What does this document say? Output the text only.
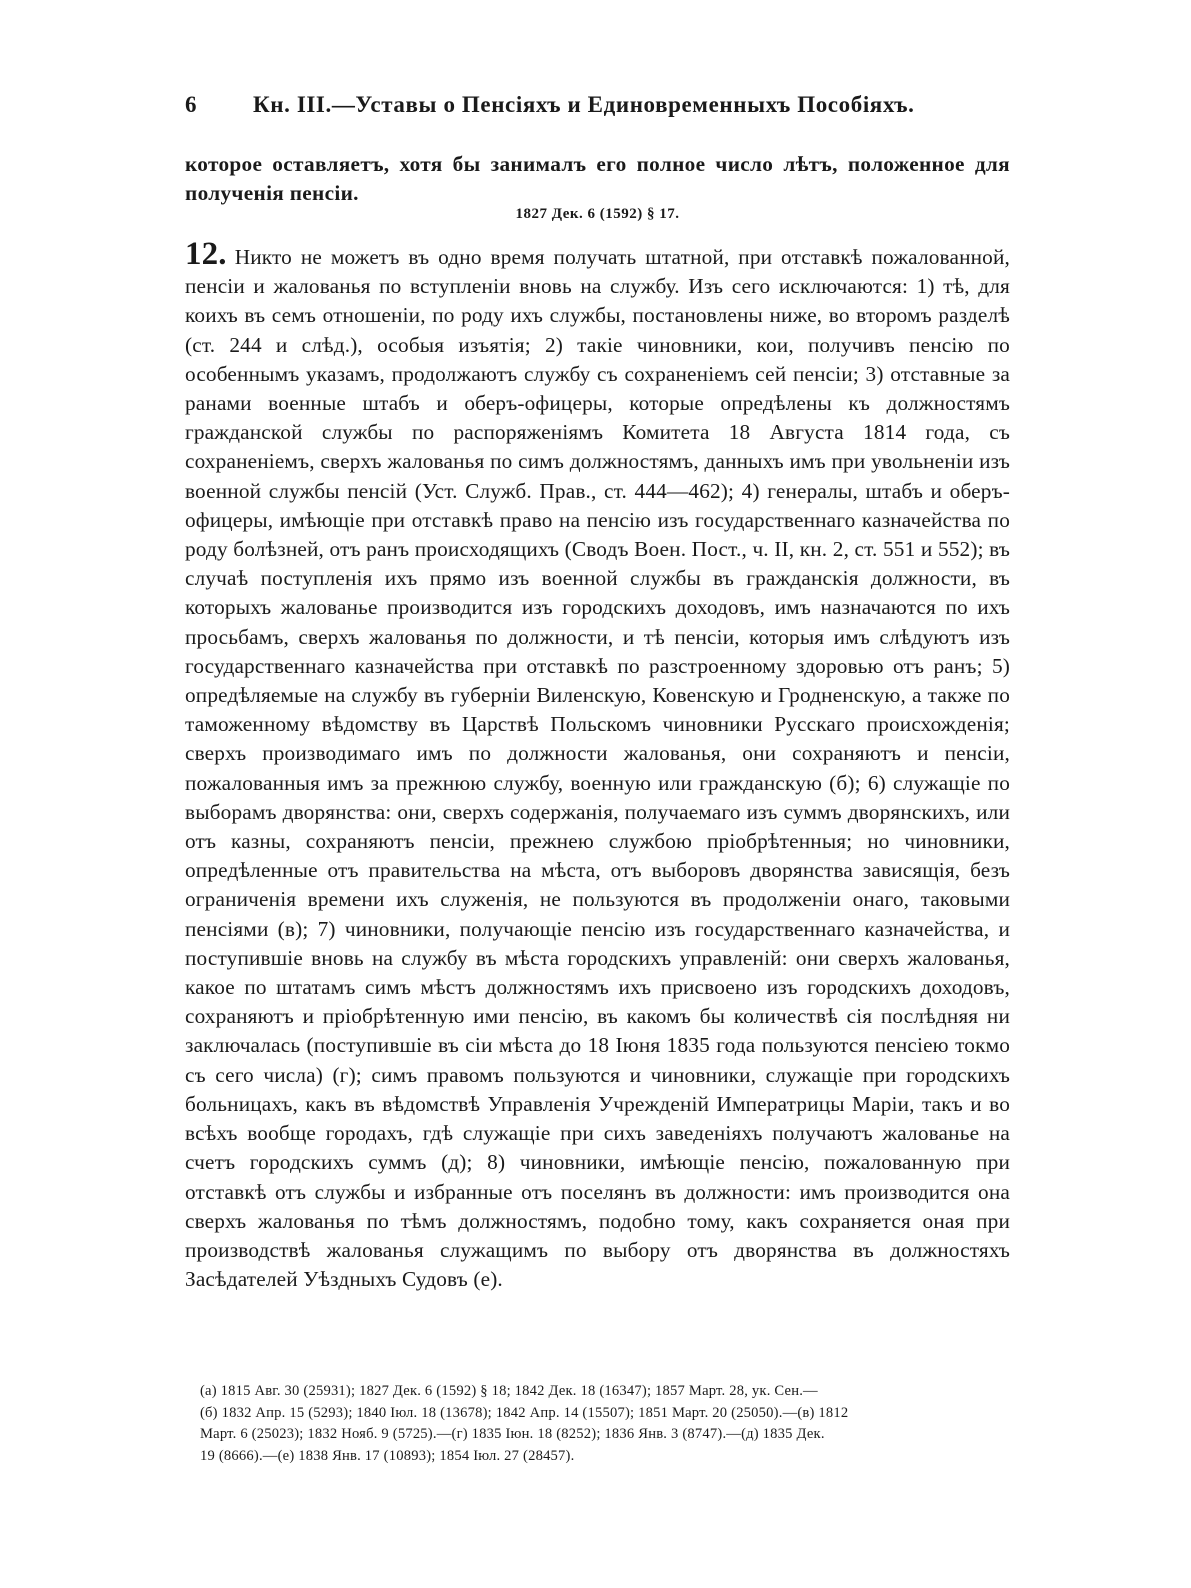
6 Кн. III.—Уставы о Пенсіяхъ и Единовременныхъ Пособіяхъ.
которое оставляетъ, хотя бы занималъ его полное число лѣтъ, положенное для полученія пенсіи.
1827 Дек. 6 (1592) § 17.
12. Никто не можетъ въ одно время получать штатной, при отставкѣ пожалованной, пенсіи и жалованья по вступленіи вновь на службу. Изъ сего исключаются: 1) тѣ, для коихъ въ семъ отношеніи, по роду ихъ службы, постановлены ниже, во второмъ разделѣ (ст. 244 и слѣд.), особыя изъятія; 2) такіе чиновники, кои, получивъ пенсію по особеннымъ указамъ, продолжаютъ службу съ сохраненіемъ сей пенсіи; 3) отставные за ранами военные штабъ и оберъ-офицеры, которые опредѣлены къ должностямъ гражданской службы по распоряженіямъ Комитета 18 Августа 1814 года, съ сохраненіемъ, сверхъ жалованья по симъ должностямъ, данныхъ имъ при увольненіи изъ военной службы пенсій (Уст. Служб. Прав., ст. 444—462); 4) генералы, штабъ и оберъ-офицеры, имѣющіе при отставкѣ право на пенсію изъ государственнаго казначейства по роду болѣзней, отъ ранъ происходящихъ (Сводъ Воен. Пост., ч. II, кн. 2, ст. 551 и 552); въ случаѣ поступленія ихъ прямо изъ военной службы въ гражданскія должности, въ которыхъ жалованье производится изъ городскихъ доходовъ, имъ назначаются по ихъ просьбамъ, сверхъ жалованья по должности, и тѣ пенсіи, которыя имъ слѣдуютъ изъ государственнаго казначейства при отставкѣ по разстроенному здоровью отъ ранъ; 5) опредѣляемые на службу въ губерніи Виленскую, Ковенскую и Гродненскую, а также по таможенному вѣдомству въ Царствѣ Польскомъ чиновники Русскаго происхожденія; сверхъ производимаго имъ по должности жалованья, они сохраняютъ и пенсіи, пожалованныя имъ за прежнюю службу, военную или гражданскую (б); 6) служащіе по выборамъ дворянства: они, сверхъ содержанія, получаемаго изъ суммъ дворянскихъ, или отъ казны, сохраняютъ пенсіи, прежнею службою пріобрѣтенныя; но чиновники, опредѣленные отъ правительства на мѣста, отъ выборовъ дворянства зависящія, безъ ограниченія времени ихъ служенія, не пользуются въ продолженіи онаго, таковыми пенсіями (в); 7) чиновники, получающіе пенсію изъ государственнаго казначейства, и поступившіе вновь на службу въ мѣста городскихъ управленій: они сверхъ жалованья, какое по штатамъ симъ мѣстъ должностямъ ихъ присвоено изъ городскихъ доходовъ, сохраняютъ и пріобрѣтенную ими пенсію, въ какомъ бы количествѣ сія послѣдняя ни заключалась (поступившіе въ сіи мѣста до 18 Іюня 1835 года пользуются пенсіею токмо съ сего числа) (г); симъ правомъ пользуются и чиновники, служащіе при городскихъ больницахъ, какъ въ вѣдомствѣ Управленія Учрежденій Императрицы Маріи, такъ и во всѣхъ вообще городахъ, гдѣ служащіе при сихъ заведеніяхъ получаютъ жалованье на счетъ городскихъ суммъ (д); 8) чиновники, имѣющіе пенсію, пожалованную при отставкѣ отъ службы и избранные отъ поселянъ въ должности: имъ производится она сверхъ жалованья по тѣмъ должностямъ, подобно тому, какъ сохраняется оная при производствѣ жалованья служащимъ по выбору отъ дворянства въ должностяхъ Засѣдателей Уѣздныхъ Судовъ (е).
(а) 1815 Авг. 30 (25931); 1827 Дек. 6 (1592) § 18; 1842 Дек. 18 (16347); 1857 Март. 28, ук. Сен.—
(б) 1832 Апр. 15 (5293); 1840 Іюл. 18 (13678); 1842 Апр. 14 (15507); 1851 Март. 20 (25050).—(в) 1812
Март. 6 (25023); 1832 Нояб. 9 (5725).—(г) 1835 Іюн. 18 (8252); 1836 Янв. 3 (8747).—(д) 1835 Дек.
19 (8666).—(е) 1838 Янв. 17 (10893); 1854 Іюл. 27 (28457).
